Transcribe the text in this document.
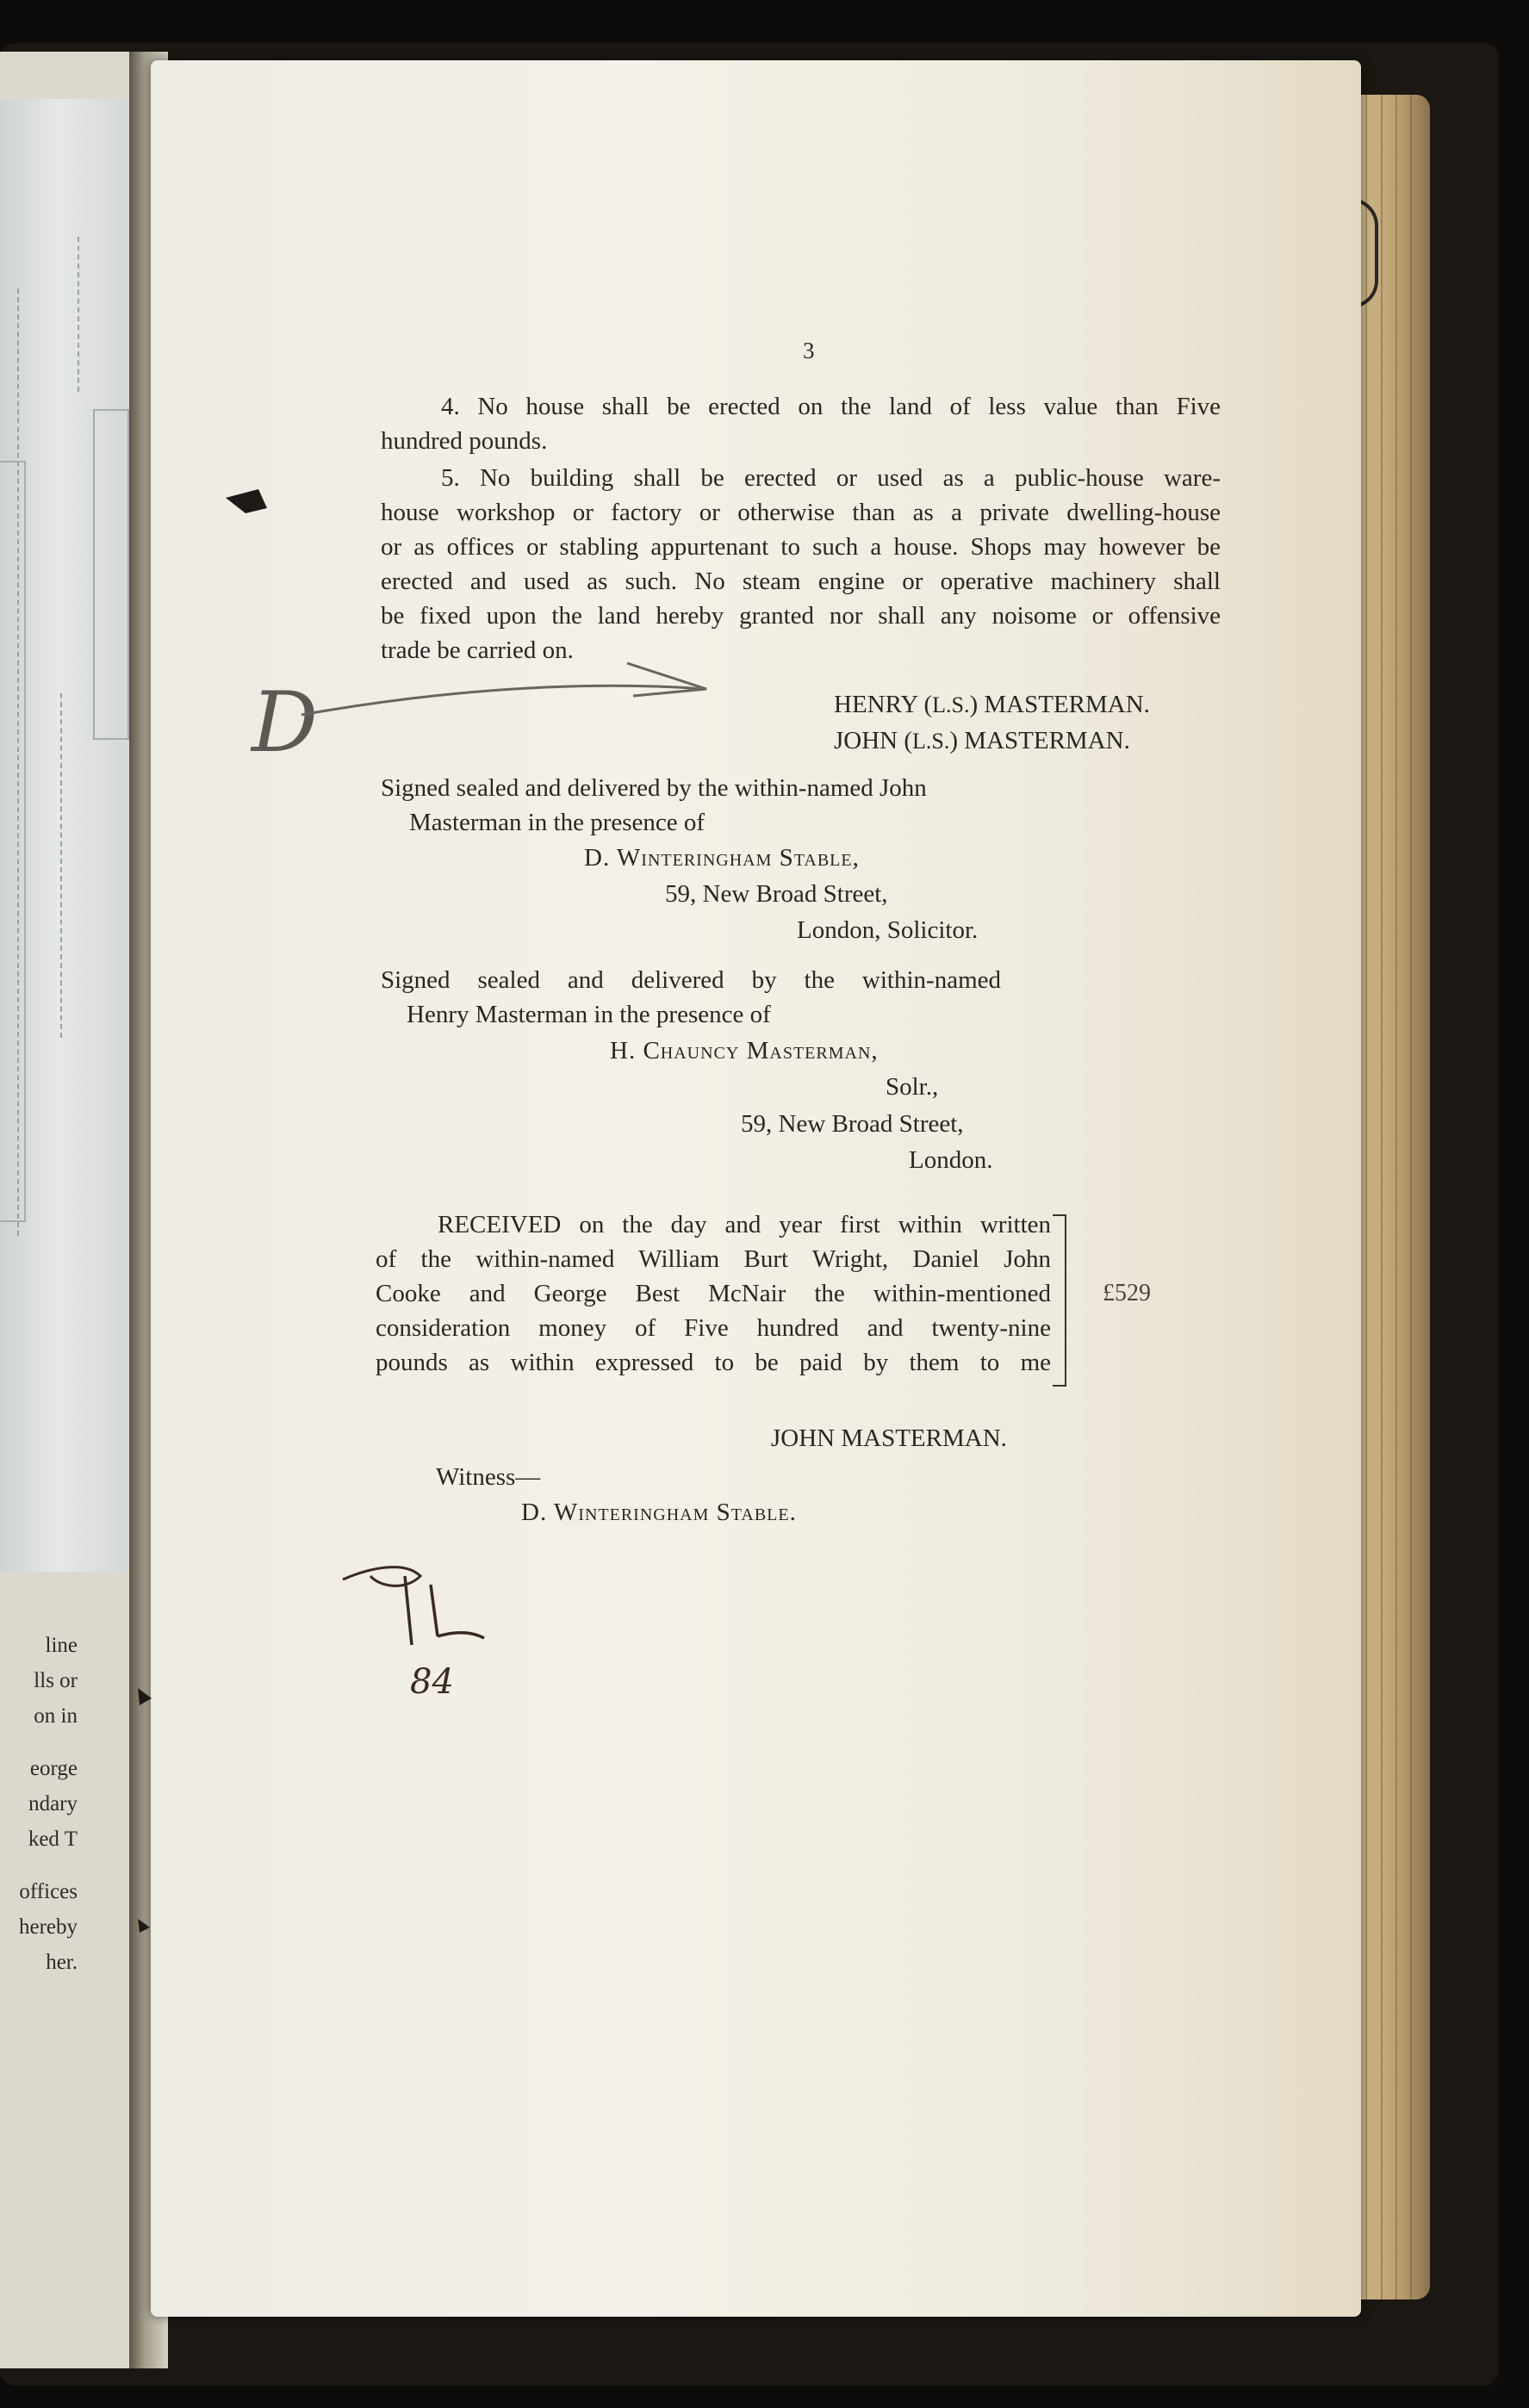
line
lls or
on in
eorge
ndary
ked T
offices
hereby
her.
3
4. No house shall be erected on the land of less value than Five
hundred pounds.
5. No building shall be erected or used as a public-house ware-
house workshop or factory or otherwise than as a private dwelling-house
or as offices or stabling appurtenant to such a house. Shops may however be
erected and used as such. No steam engine or operative machinery shall
be fixed upon the land hereby granted nor shall any noisome or offensive
trade be carried on.
HENRY (L.S.) MASTERMAN.
JOHN (L.S.) MASTERMAN.
Signed sealed and delivered by the within-named John
Masterman in the presence of
D. Winteringham Stable,
59, New Broad Street,
London, Solicitor.
Signed sealed and delivered by the within-named
Henry Masterman in the presence of
H. Chauncy Masterman,
Solr.,
59, New Broad Street,
London.
RECEIVED on the day and year first within written
of the within-named William Burt Wright, Daniel John
Cooke and George Best McNair the within-mentioned
consideration money of Five hundred and twenty-nine
pounds as within expressed to be paid by them to me
£529
JOHN MASTERMAN.
Witness—
D. Winteringham Stable.
D
84
